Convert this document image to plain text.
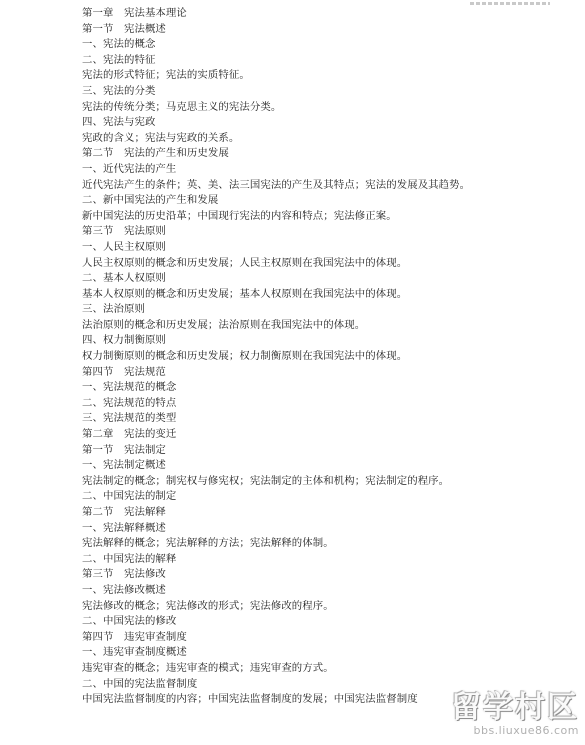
第一章　宪法基本理论
第一节　宪法概述
一、宪法的概念
二、宪法的特征
宪法的形式特征；宪法的实质特征。
三、宪法的分类
宪法的传统分类；马克思主义的宪法分类。
四、宪法与宪政
宪政的含义；宪法与宪政的关系。
第二节　宪法的产生和历史发展
一、近代宪法的产生
近代宪法产生的条件；英、美、法三国宪法的产生及其特点；宪法的发展及其趋势。
二、新中国宪法的产生和发展
新中国宪法的历史沿革；中国现行宪法的内容和特点；宪法修正案。
第三节　宪法原则
一、人民主权原则
人民主权原则的概念和历史发展；人民主权原则在我国宪法中的体现。
二、基本人权原则
基本人权原则的概念和历史发展；基本人权原则在我国宪法中的体现。
三、法治原则
法治原则的概念和历史发展；法治原则在我国宪法中的体现。
四、权力制衡原则
权力制衡原则的概念和历史发展；权力制衡原则在我国宪法中的体现。
第四节　宪法规范
一、宪法规范的概念
二、宪法规范的特点
三、宪法规范的类型
第二章　宪法的变迁
第一节　宪法制定
一、宪法制定概述
宪法制定的概念；制宪权与修宪权；宪法制定的主体和机构；宪法制定的程序。
二、中国宪法的制定
第二节　宪法解释
一、宪法解释概述
宪法解释的概念；宪法解释的方法；宪法解释的体制。
二、中国宪法的解释
第三节　宪法修改
一、宪法修改概述
宪法修改的概念；宪法修改的形式；宪法修改的程序。
二、中国宪法的修改
第四节　违宪审查制度
一、违宪审查制度概述
违宪审查的概念；违宪审查的模式；违宪审查的方式。
二、中国的宪法监督制度
中国宪法监督制度的内容；中国宪法监督制度的发展；中国宪法监督制度	留学村区
bbs.liuxue86.com
